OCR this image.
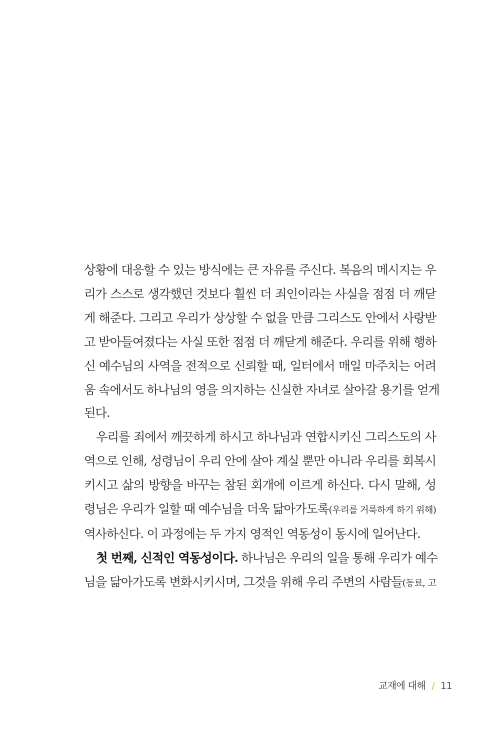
상황에 대응할 수 있는 방식에는 큰 자유를 주신다. 복음의 메시지는 우
리가 스스로 생각했던 것보다 훨씬 더 죄인이라는 사실을 점점 더 깨닫
게 해준다. 그리고 우리가 상상할 수 없을 만큼 그리스도 안에서 사랑받
고 받아들여졌다는 사실 또한 점점 더 깨닫게 해준다. 우리를 위해 행하
신 예수님의 사역을 전적으로 신뢰할 때, 일터에서 매일 마주치는 어려
움 속에서도 하나님의 영을 의지하는 신실한 자녀로 살아갈 용기를 얻게
된다.

우리를 죄에서 깨끗하게 하시고 하나님과 연합시키신 그리스도의 사
역으로 인해, 성령님이 우리 안에 살아 계실 뿐만 아니라 우리를 회복시
키시고 삶의 방향을 바꾸는 참된 회개에 이르게 하신다. 다시 말해, 성
령님은 우리가 일할 때 예수님을 더욱 닮아가도록(우리를 거룩하게 하기 위해)
역사하신다. 이 과정에는 두 가지 영적인 역동성이 동시에 일어난다.

첫 번째, 신적인 역동성이다. 하나님은 우리의 일을 통해 우리가 예수
님을 닮아가도록 변화시키시며, 그것을 위해 우리 주변의 사람들(동료, 고

교재에 대해 / 11
